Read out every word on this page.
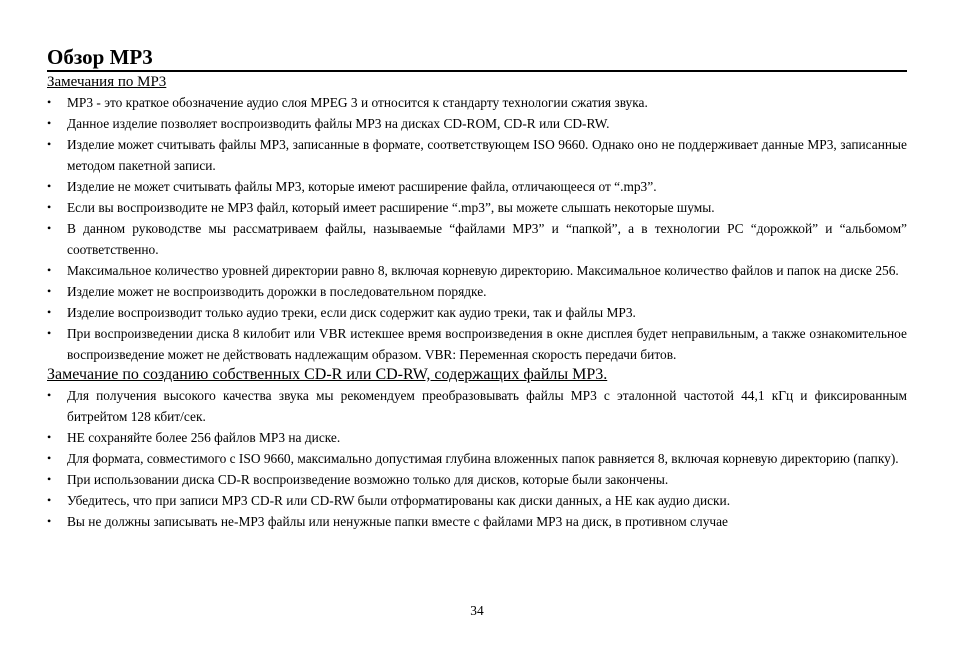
Обзор MP3
Замечания по MP3
• MP3 - это краткое обозначение аудио слоя MPEG 3 и относится к стандарту технологии сжатия звука.
• Данное изделие позволяет воспроизводить файлы MP3 на дисках CD-ROM, CD-R или CD-RW.
• Изделие может считывать файлы MP3, записанные в формате, соответствующем ISO 9660. Однако оно не поддерживает данные MP3, записанные методом пакетной записи.
• Изделие не может считывать файлы MP3, которые имеют расширение файла, отличающееся от “.mp3”.
• Если вы воспроизводите не MP3 файл, который имеет расширение “.mp3”, вы можете слышать некоторые шумы.
• В данном руководстве мы рассматриваем файлы, называемые “файлами MP3” и “папкой”, а в технологии PC “дорожкой” и “альбомом” соответственно.
• Максимальное количество уровней директории равно 8, включая корневую директорию. Максимальное количество файлов и папок на диске 256.
• Изделие может не воспроизводить дорожки в последовательном порядке.
• Изделие воспроизводит только аудио треки, если диск содержит как аудио треки, так и файлы MP3.
• При воспроизведении диска 8 килобит или VBR истекшее время воспроизведения в окне дисплея будет неправильным, а также ознакомительное воспроизведение может не действовать надлежащим образом. VBR: Переменная скорость передачи битов.
Замечание по созданию собственных CD-R или CD-RW, содержащих файлы MP3.
• Для получения высокого качества звука мы рекомендуем преобразовывать файлы MP3 с эталонной частотой 44,1 кГц и фиксированным битрейтом 128 кбит/сек.
• НЕ сохраняйте более 256 файлов MP3 на диске.
• Для формата, совместимого с ISO 9660, максимально допустимая глубина вложенных папок равняется 8, включая корневую директорию (папку).
• При использовании диска CD-R воспроизведение возможно только для дисков, которые были закончены.
• Убедитесь, что при записи MP3 CD-R или CD-RW были отформатированы как диски данных, а НЕ как аудио диски.
• Вы не должны записывать не-MP3 файлы или ненужные папки вместе с файлами MP3 на диск, в противном случае
34
